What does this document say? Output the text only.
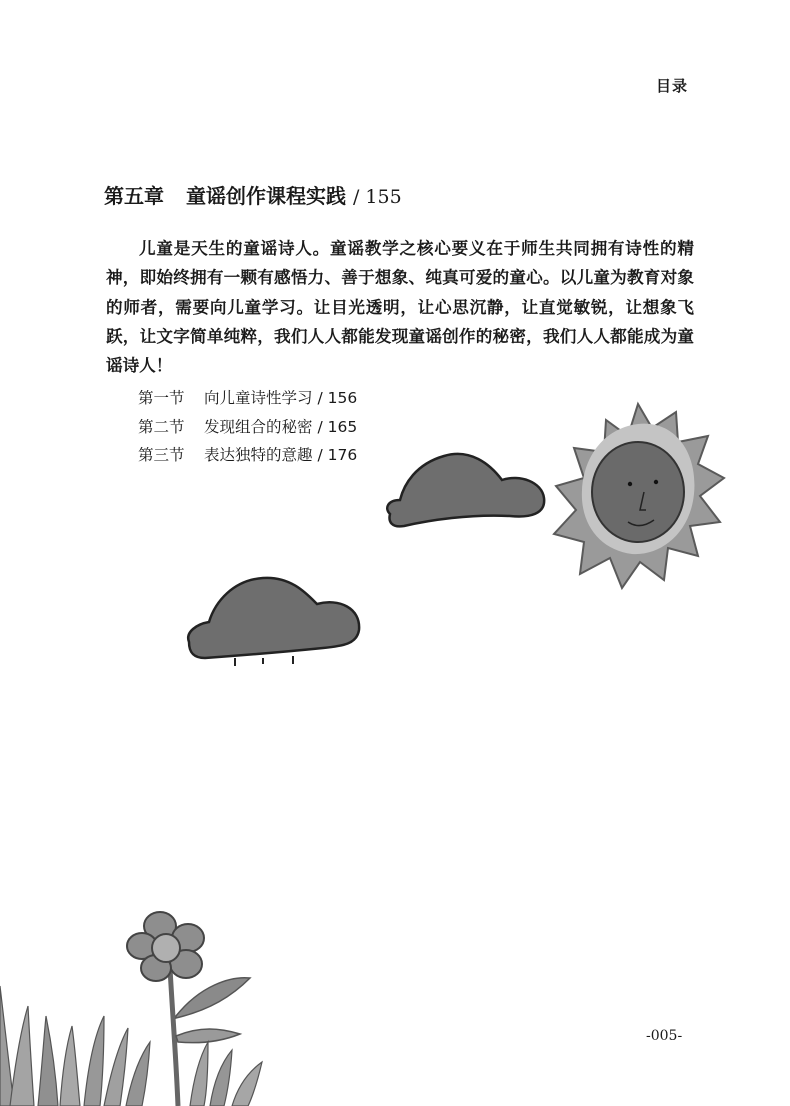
目录
第五章 童谣创作课程实践 / 155

儿童是天生的童谣诗人。童谣教学之核心要义在于师生共同拥有诗性的精神，即始终拥有一颗有感悟力、善于想象、纯真可爱的童心。以儿童为教育对象的师者，需要向儿童学习。让目光透明，让心思沉静，让直觉敏锐，让想象飞跃，让文字简单纯粹，我们人人都能发现童谣创作的秘密，我们人人都能成为童谣诗人！

第一节 向儿童诗性学习 / 156
第二节 发现组合的秘密 / 165
第三节 表达独特的意趣 / 176
-005-
